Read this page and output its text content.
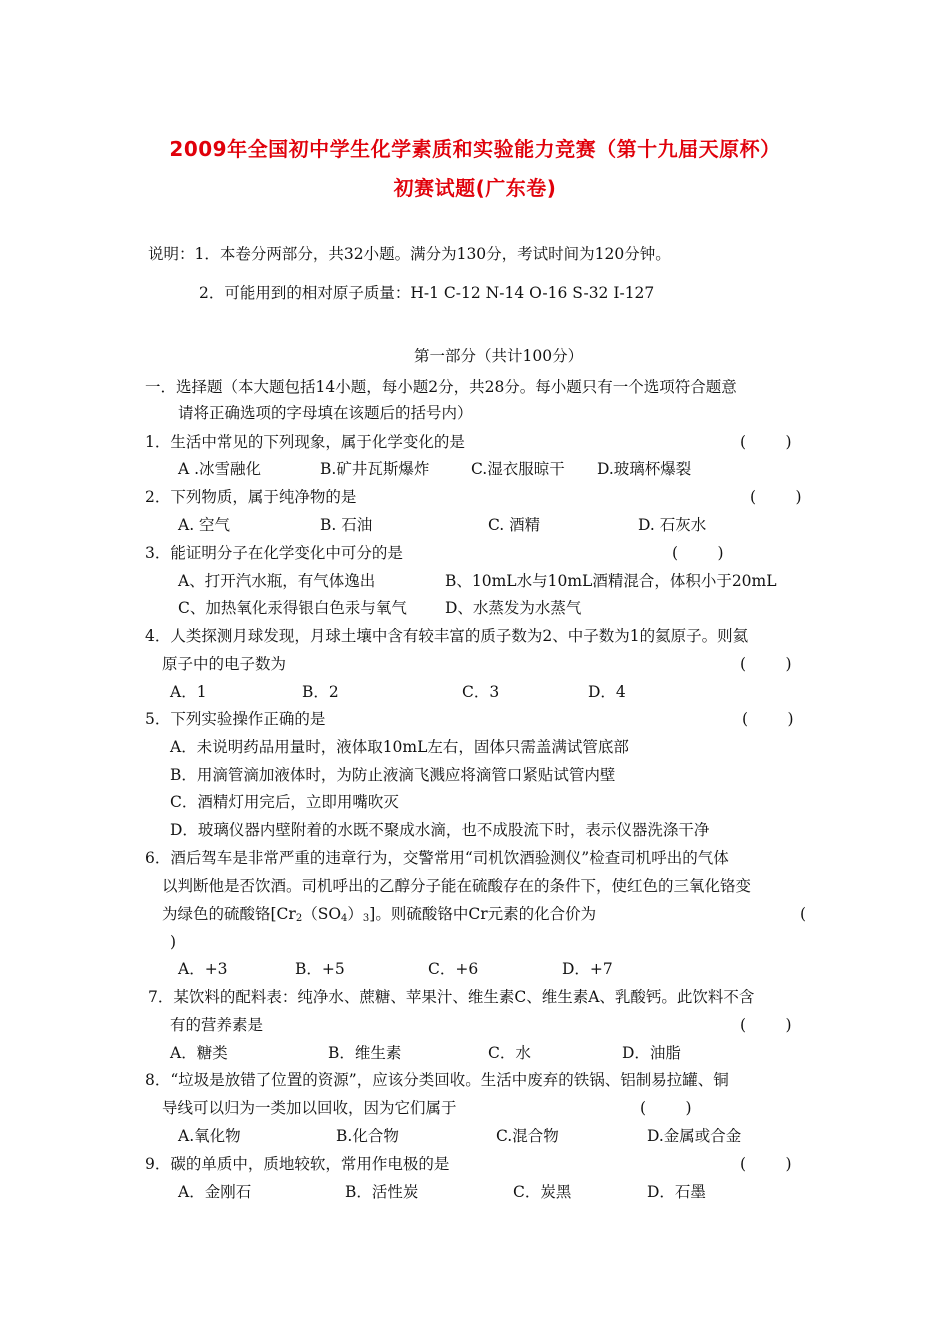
2009年全国初中学生化学素质和实验能力竞赛（第十九届天原杯）
初赛试题(广东卷)
说明：1．本卷分两部分，共32小题。满分为130分，考试时间为120分钟。
2．可能用到的相对原子质量：H-1 C-12 N-14 O-16 S-32 I-127
第一部分（共计100分）
一．选择题（本大题包括14小题，每小题2分，共28分。每小题只有一个选项符合题意
请将正确选项的字母填在该题后的括号内）
1．生活中常见的下列现象，属于化学变化的是	(        )
A .冰雪融化	B.矿井瓦斯爆炸	C.湿衣服晾干 D.玻璃杯爆裂
2．下列物质，属于纯净物的是	(        )
A. 空气	B. 石油	C. 酒精	D. 石灰水
3．能证明分子在化学变化中可分的是	(        )
A、打开汽水瓶，有气体逸出	B、10mL水与10mL酒精混合，体积小于20mL
C、加热氧化汞得银白色汞与氧气 D、水蒸发为水蒸气
4．人类探测月球发现，月球土壤中含有较丰富的质子数为2、中子数为1的氦原子。则氦
原子中的电子数为	(        )
A．1	B．2	C．3	D．4
5．下列实验操作正确的是	(        )
A．未说明药品用量时，液体取10mL左右，固体只需盖满试管底部
B．用滴管滴加液体时，为防止液滴飞溅应将滴管口紧贴试管内壁
C．酒精灯用完后，立即用嘴吹灭
D．玻璃仪器内壁附着的水既不聚成水滴，也不成股流下时，表示仪器洗涤干净
6．酒后驾车是非常严重的违章行为，交警常用“司机饮酒验测仪”检查司机呼出的气体
以判断他是否饮酒。司机呼出的乙醇分子能在硫酸存在的条件下，使红色的三氧化铬变
为绿色的硫酸铬$[Cr_2(SO_4)_3]$。则硫酸铬中Cr元素的化合价为	(
)
A．+3	B．+5	C．+6	D．+7
7．某饮料的配料表：纯净水、蔗糖、苹果汁、维生素C、维生素A、乳酸钙。此饮料不含
有的营养素是	(        )
A．糖类	B．维生素	C．水	D．油脂
8．“垃圾是放错了位置的资源”，应该分类回收。生活中废弃的铁锅、铝制易拉罐、铜
导线可以归为一类加以回收，因为它们属于	(        )
A.氧化物	B.化合物	C.混合物	D.金属或合金
9．碳的单质中，质地较软，常用作电极的是	(        )
A．金刚石	B．活性炭	C．炭黑	D．石墨
